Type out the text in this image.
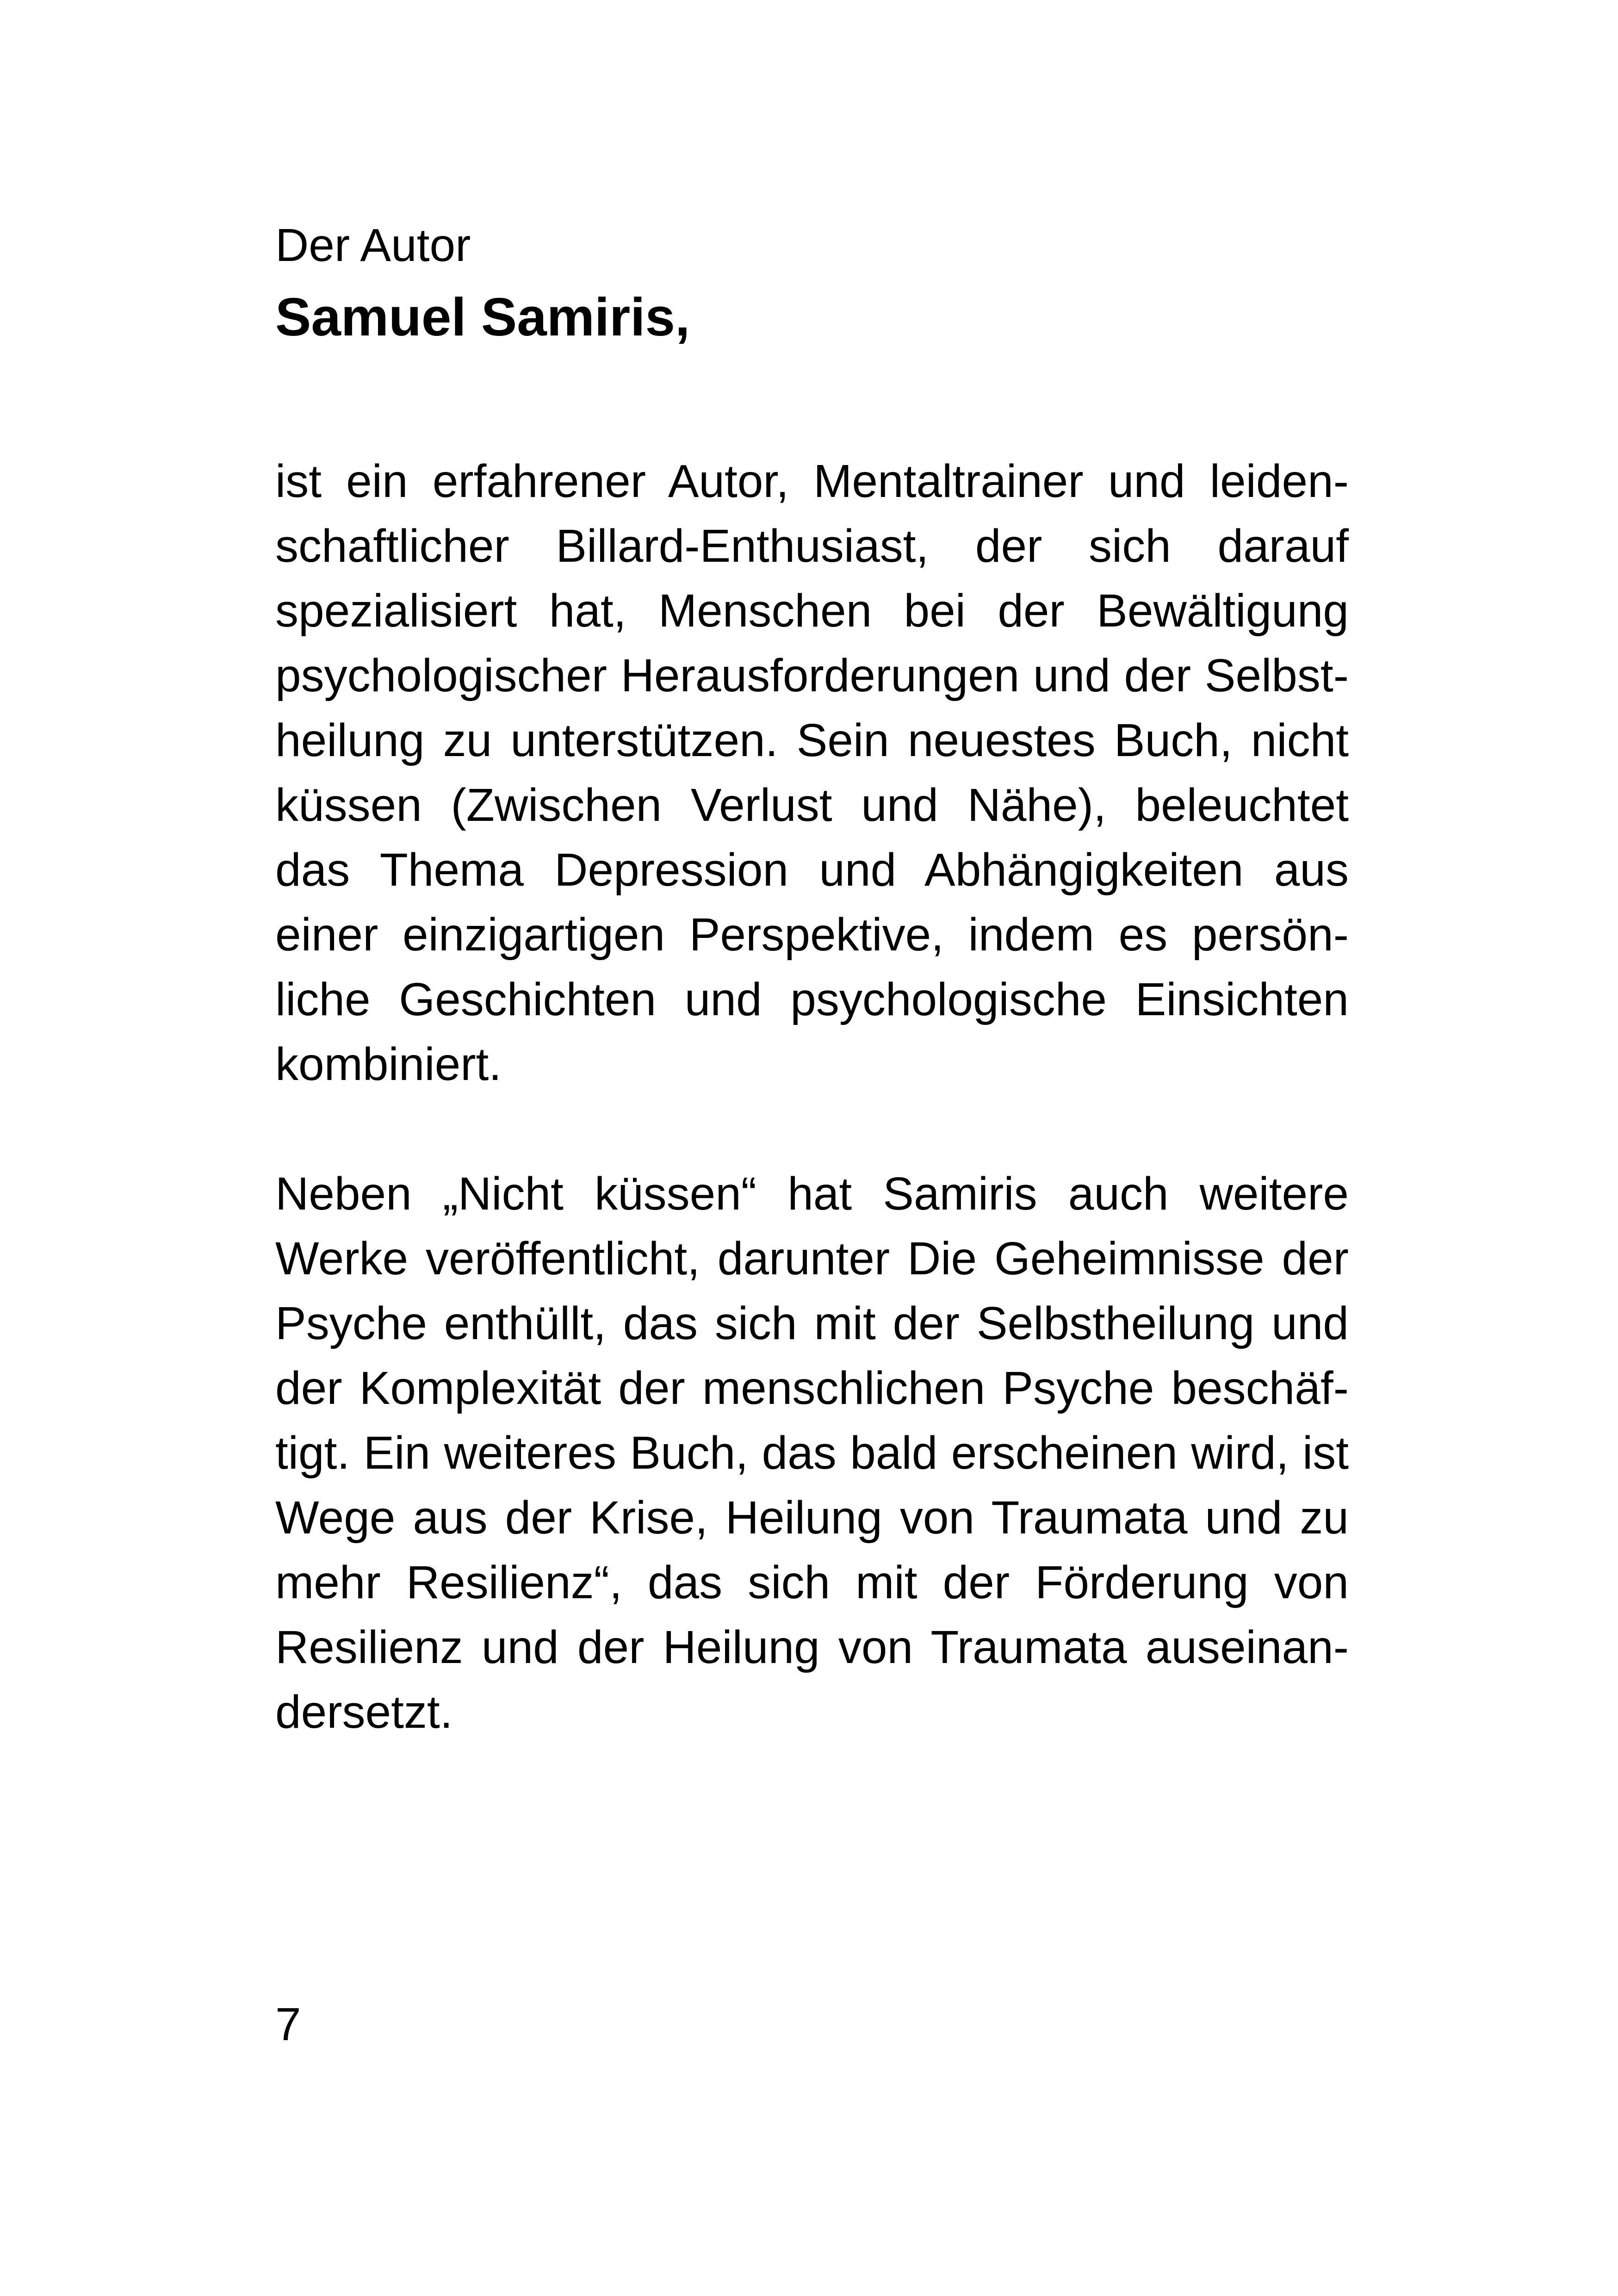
Der Autor

Samuel Samiris,

ist ein erfahrener Autor, Mentaltrainer und leidenschaftlicher Billard-Enthusiast, der sich darauf spezialisiert hat, Menschen bei der Bewältigung psychologischer Herausforderungen und der Selbstheilung zu unterstützen. Sein neuestes Buch, nicht küssen (Zwischen Verlust und Nähe), beleuchtet das Thema Depression und Abhängigkeiten aus einer einzigartigen Perspektive, indem es persönliche Geschichten und psychologische Einsichten kombiniert.

Neben „Nicht küssen“ hat Samiris auch weitere Werke veröffentlicht, darunter Die Geheimnisse der Psyche enthüllt, das sich mit der Selbstheilung und der Komplexität der menschlichen Psyche beschäftigt. Ein weiteres Buch, das bald erscheinen wird, ist Wege aus der Krise, Heilung von Traumata und zu mehr Resilienz“, das sich mit der Förderung von Resilienz und der Heilung von Traumata auseinandersetzt.

7
